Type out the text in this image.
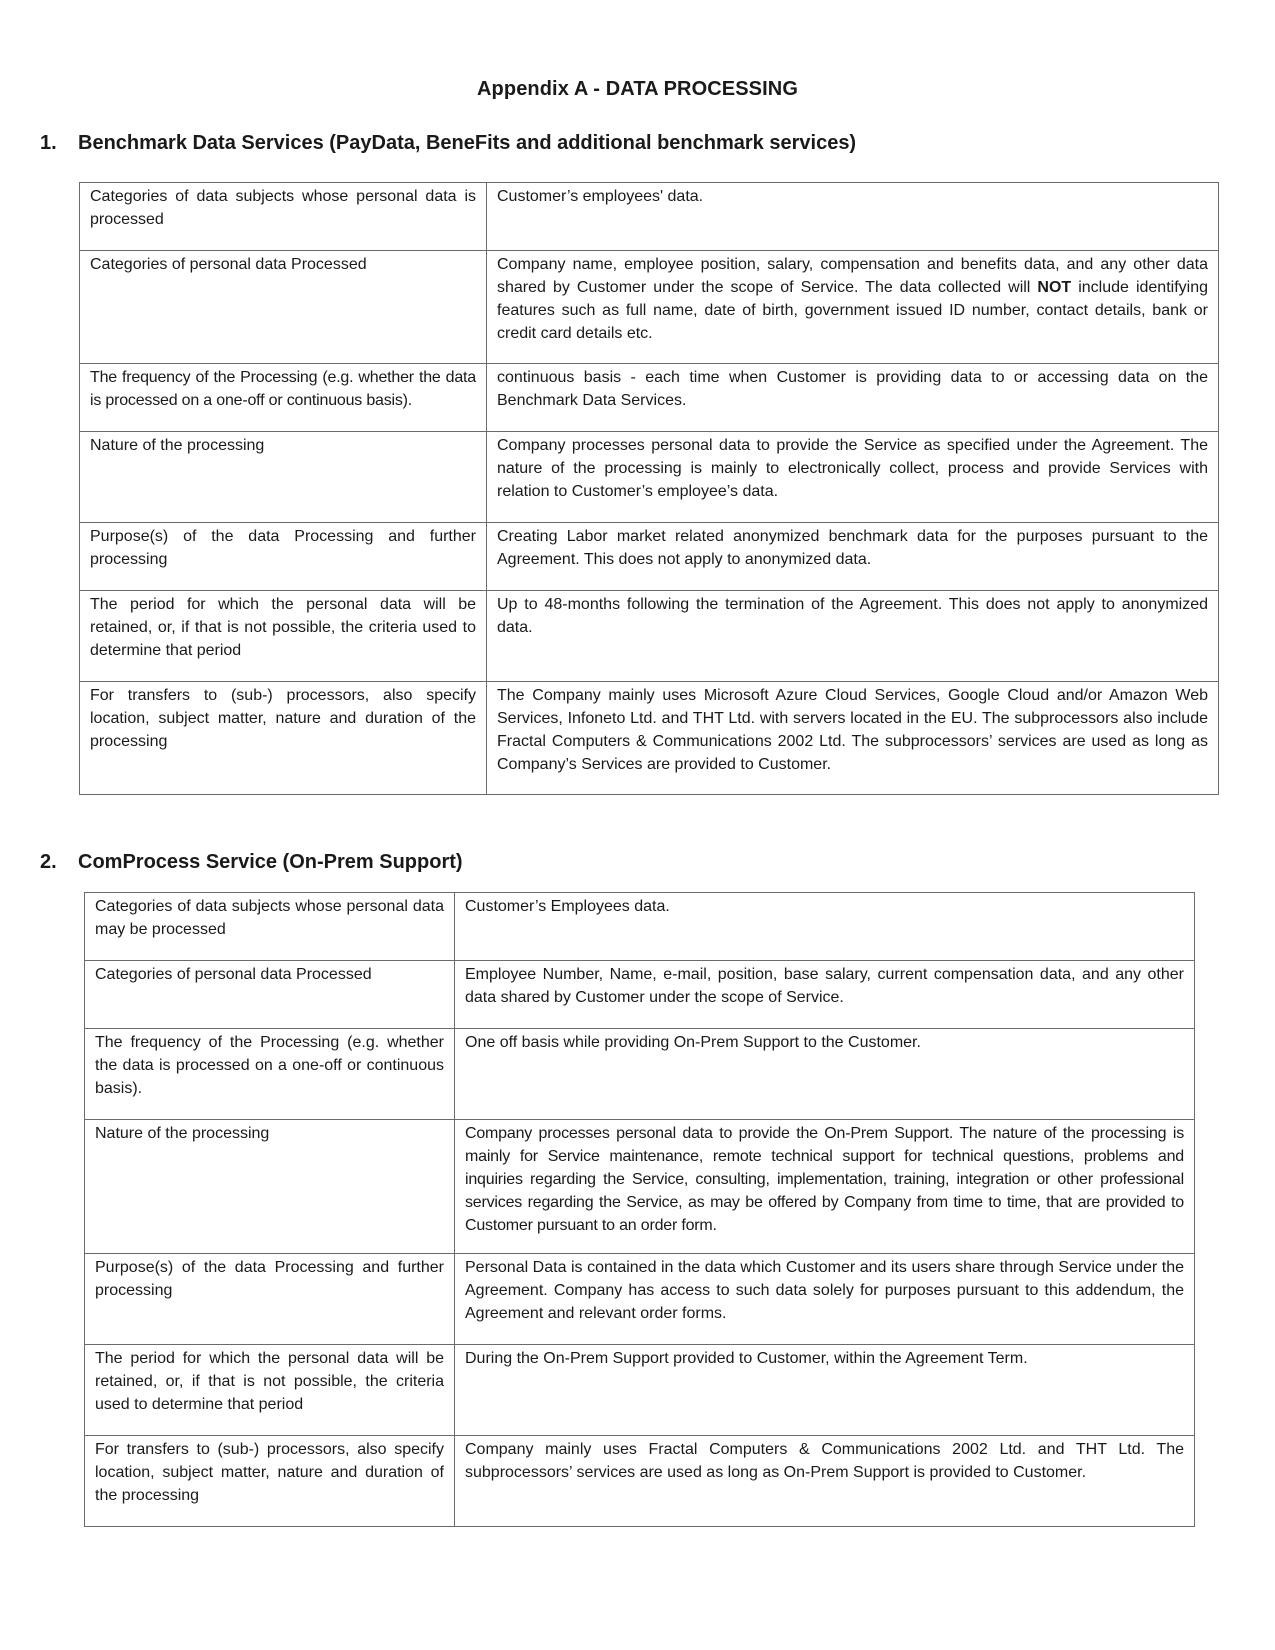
Appendix A - DATA PROCESSING
1. Benchmark Data Services (PayData, BeneFits and additional benchmark services)
Categories of data subjects whose personal data is processed	Customer’s employees' data.
Categories of personal data Processed	Company name, employee position, salary, compensation and benefits data, and any other data shared by Customer under the scope of Service. The data collected will NOT include identifying features such as full name, date of birth, government issued ID number, contact details, bank or credit card details etc.
The frequency of the Processing (e.g. whether the data is processed on a one-off or continuous basis).	continuous basis - each time when Customer is providing data to or accessing data on the Benchmark Data Services.
Nature of the processing	Company processes personal data to provide the Service as specified under the Agreement. The nature of the processing is mainly to electronically collect, process and provide Services with relation to Customer’s employee’s data.
Purpose(s) of the data Processing and further processing	Creating Labor market related anonymized benchmark data for the purposes pursuant to the Agreement. This does not apply to anonymized data.
The period for which the personal data will be retained, or, if that is not possible, the criteria used to determine that period	Up to 48-months following the termination of the Agreement. This does not apply to anonymized data.
For transfers to (sub-) processors, also specify location, subject matter, nature and duration of the processing	The Company mainly uses Microsoft Azure Cloud Services, Google Cloud and/or Amazon Web Services, Infoneto Ltd. and THT Ltd. with servers located in the EU. The subprocessors also include Fractal Computers & Communications 2002 Ltd. The subprocessors’ services are used as long as Company’s Services are provided to Customer.
2. ComProcess Service (On-Prem Support)
Categories of data subjects whose personal data may be processed	Customer’s Employees data.
Categories of personal data Processed	Employee Number, Name, e-mail, position, base salary, current compensation data, and any other data shared by Customer under the scope of Service.
The frequency of the Processing (e.g. whether the data is processed on a one-off or continuous basis).	One off basis while providing On-Prem Support to the Customer.
Nature of the processing	Company processes personal data to provide the On-Prem Support. The nature of the processing is mainly for Service maintenance, remote technical support for technical questions, problems and inquiries regarding the Service, consulting, implementation, training, integration or other professional services regarding the Service, as may be offered by Company from time to time, that are provided to Customer pursuant to an order form.
Purpose(s) of the data Processing and further processing	Personal Data is contained in the data which Customer and its users share through Service under the Agreement. Company has access to such data solely for purposes pursuant to this addendum, the Agreement and relevant order forms.
The period for which the personal data will be retained, or, if that is not possible, the criteria used to determine that period	During the On-Prem Support provided to Customer, within the Agreement Term.
For transfers to (sub-) processors, also specify location, subject matter, nature and duration of the processing	Company mainly uses Fractal Computers & Communications 2002 Ltd. and THT Ltd. The subprocessors’ services are used as long as On-Prem Support is provided to Customer.
